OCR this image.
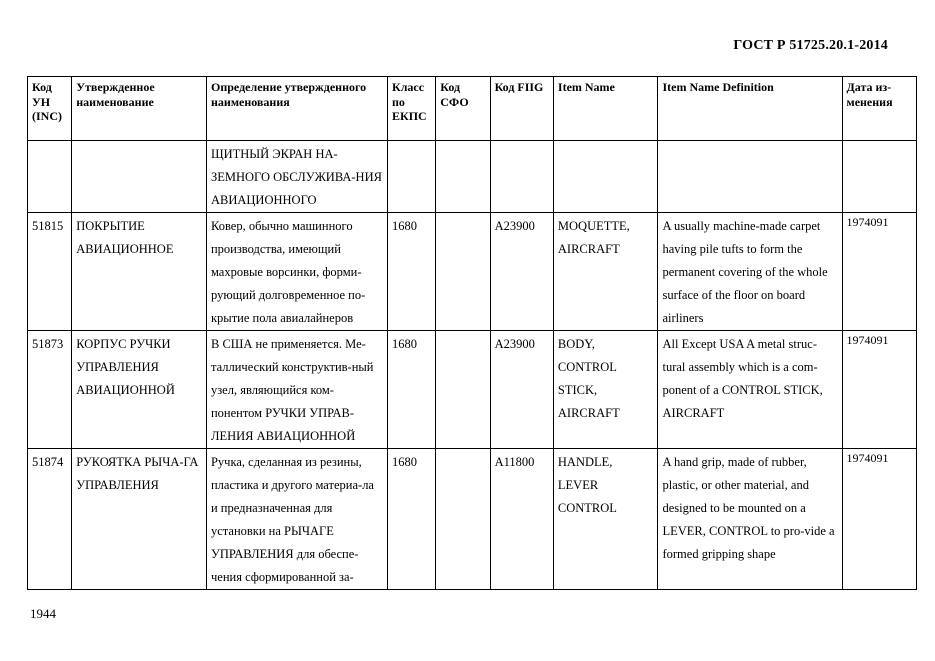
ГОСТ Р 51725.20.1-2014
Код УН (INC)	Утвержденное наименование	Определение утвержденного наименования	Класс по ЕКПС	Код СФО	Код FIIG	Item Name	Item Name Definition	Дата из-менения
		ЩИТНЫЙ ЭКРАН НА-ЗЕМНОГО ОБСЛУЖИВА-НИЯ АВИАЦИОННОГО						
51815	ПОКРЫТИЕ АВИАЦИОННОЕ	Ковер, обычно машинного производства, имеющий махровые ворсинки, форми-рующий долговременное по-крытие пола авиалайнеров	1680		A23900	MOQUETTE, AIRCRAFT	A usually machine-made carpet having pile tufts to form the permanent covering of the whole surface of the floor on board airliners	1974091
51873	КОРПУС РУЧКИ УПРАВЛЕНИЯ АВИАЦИОННОЙ	В США не применяется. Ме-таллический конструктив-ный узел, являющийся ком-понентом РУЧКИ УПРАВ-ЛЕНИЯ АВИАЦИОННОЙ	1680		A23900	BODY, CONTROL STICK, AIRCRAFT	All Except USA A metal struc-tural assembly which is a com-ponent of a CONTROL STICK, AIRCRAFT	1974091
51874	РУКОЯТКА РЫЧА-ГА УПРАВЛЕНИЯ	Ручка, сделанная из резины, пластика и другого материа-ла и предназначенная для установки на РЫЧАГЕ УПРАВЛЕНИЯ для обеспе-чения сформированной за-	1680		A11800	HANDLE, LEVER CONTROL	A hand grip, made of rubber, plastic, or other material, and designed to be mounted on a LEVER, CONTROL to pro-vide a formed gripping shape	1974091
1944
